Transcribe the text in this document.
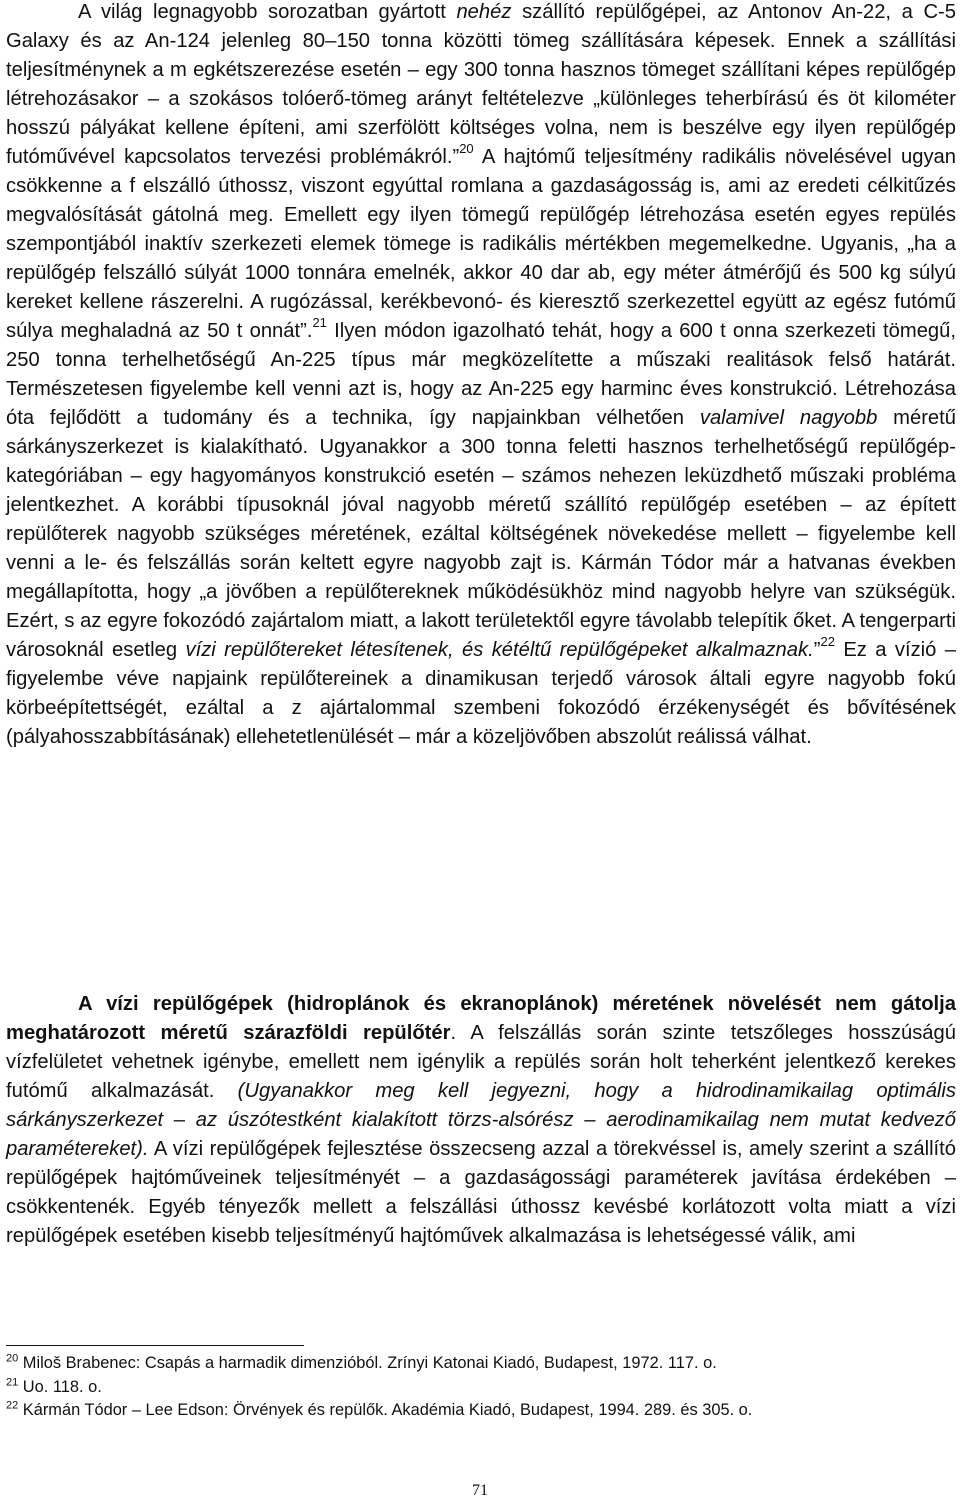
A világ legnagyobb sorozatban gyártott nehéz szállító repülőgépei, az Antonov An-22, a C-5 Galaxy és az An-124 jelenleg 80–150 tonna közötti tömeg szállítására képesek. Ennek a szállítási teljesítménynek a m egkétszerezése esetén – egy 300 tonna hasznos tömeget szállítani képes repülőgép létrehozásakor – a szokásos tolóerő-tömeg arányt feltételezve „különleges teherbírású és öt kilométer hosszú pályákat kellene építeni, ami szerfölött költséges volna, nem is beszélve egy ilyen repülőgép futóművével kapcsolatos tervezési problémákról.”$^{20}$ A hajtómű teljesítmény radikális növelésével ugyan csökkenne a f elszálló úthossz, viszont egyúttal romlana a gazdaságosság is, ami az eredeti célkitűzés megvalósítását gátolná meg. Emellett egy ilyen tömegű repülőgép létrehozása esetén egyes repülés szempontjából inaktív szerkezeti elemek tömege is radikális mértékben megemelkedne. Ugyanis, „ha a repülőgép felszálló súlyát 1000 tonnára emelnék, akkor 40 dar ab, egy méter átmérőjű és 500 kg súlyú kereket kellene rászerelni. A rugózással, kerékbevonó- és kieresztő szerkezettel együtt az egész futómű súlya meghaladná az 50 t onnát”.$^{21}$ Ilyen módon igazolható tehát, hogy a 600 t onna szerkezeti tömegű, 250 tonna terhelhetőségű An-225 típus már megközelítette a műszaki realitások felső határát. Természetesen figyelembe kell venni azt is, hogy az An-225 egy harminc éves konstrukció. Létrehozása óta fejlődött a tudomány és a technika, így napjainkban vélhetően valamivel nagyobb méretű sárkányszerkezet is kialakítható. Ugyanakkor a 300 tonna feletti hasznos terhelhetőségű repülőgép-kategóriában – egy hagyományos konstrukció esetén – számos nehezen leküzdhető műszaki probléma jelentkezhet. A korábbi típusoknál jóval nagyobb méretű szállító repülőgép esetében – az épített repülőterek nagyobb szükséges méretének, ezáltal költségének növekedése mellett – figyelembe kell venni a le- és felszállás során keltett egyre nagyobb zajt is. Kármán Tódor már a hatvanas években megállapította, hogy „a jövőben a repülőtereknek működésükhöz mind nagyobb helyre van szükségük. Ezért, s az egyre fokozódó zajártalom miatt, a lakott területektől egyre távolabb telepítik őket. A tengerparti városoknál esetleg vízi repülőtereket létesítenek, és kétéltű repülőgépeket alkalmaznak.”$^{22}$ Ez a vízió – figyelembe véve napjaink repülőtereinek a dinamikusan terjedő városok általi egyre nagyobb fokú körbeépítettségét, ezáltal a z ajártalommal szembeni fokozódó érzékenységét és bővítésének (pályahosszabbításának) ellehetetlenülését – már a közeljövőben abszolút reálissá válhat.

A vízi repülőgépek (hidroplánok és ekranoplánok) méretének növelését nem gátolja meghatározott méretű szárazföldi repülőtér. A felszállás során szinte tetszőleges hosszúságú vízfelületet vehetnek igénybe, emellett nem igénylik a repülés során holt teherként jelentkező kerekes futómű alkalmazását. (Ugyanakkor meg kell jegyezni, hogy a hidrodinamikailag optimális sárkányszerkezet – az úszótestként kialakított törzs-alsórész – aerodinamikailag nem mutat kedvező paramétereket). A vízi repülőgépek fejlesztése összecseng azzal a törekvéssel is, amely szerint a szállító repülőgépek hajtóműveinek teljesítményét – a gazdaságossági paraméterek javítása érdekében – csökkentenék. Egyéb tényezők mellett a felszállási úthossz kevésbé korlátozott volta miatt a vízi repülőgépek esetében kisebb teljesítményű hajtóművek alkalmazása is lehetségessé válik, ami

$^{20}$ Miloš Brabenec: Csapás a harmadik dimenzióból. Zrínyi Katonai Kiadó, Budapest, 1972. 117. o.

$^{21}$ Uo. 118. o.

$^{22}$ Kármán Tódor – Lee Edson: Örvények és repülők. Akadémia Kiadó, Budapest, 1994. 289. és 305. o.

71
